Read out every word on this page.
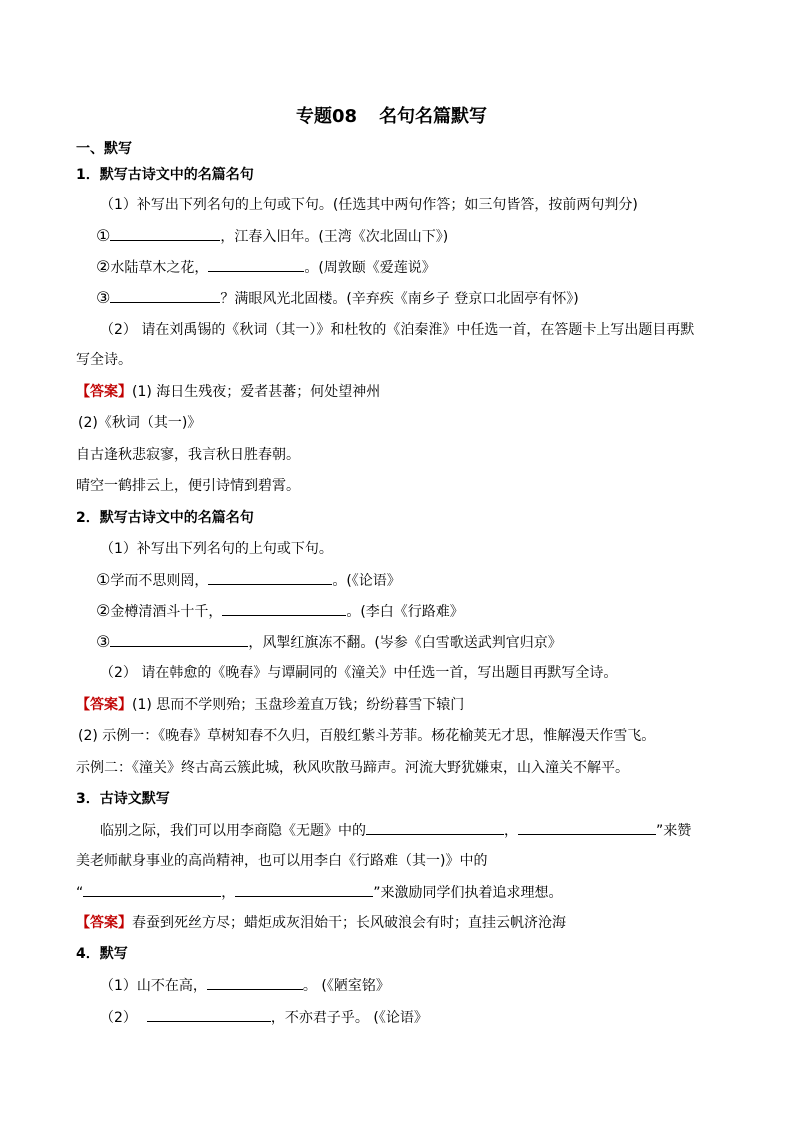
专题08 名句名篇默写
一、默写
1．默写古诗文中的名篇名句
（1）补写出下列名句的上句或下句。(任选其中两句作答；如三句皆答，按前两句判分)
①	，江春入旧年。(王湾《次北固山下》)
②水陆草木之花，	。(周敦颐《爱莲说》
③	？满眼风光北固楼。(辛弃疾《南乡子 登京口北固亭有怀》)
（2） 请在刘禹锡的《秋词（其一）》和杜牧的《泊秦淮》中任选一首，在答题卡上写出题目再默
写全诗。
【答案】(1) 海日生残夜；爱者甚蕃；何处望神州
(2)《秋词（其一)》
自古逢秋悲寂寥，我言秋日胜春朝。
晴空一鹤排云上，便引诗情到碧霄。
2．默写古诗文中的名篇名句
（1）补写出下列名句的上句或下句。
①学而不思则罔，	。(《论语》
②金樽清酒斗十千，	。(李白《行路难》
③	，风掣红旗冻不翻。(岑参《白雪歌送武判官归京》
（2） 请在韩愈的《晚春》与谭嗣同的《潼关》中任选一首，写出题目再默写全诗。
【答案】(1) 思而不学则殆；玉盘珍羞直万钱；纷纷暮雪下辕门
(2) 示例一：《晚春》草树知春不久归，百般红紫斗芳菲。杨花榆荚无才思，惟解漫天作雪飞。
示例二：《潼关》终古高云簇此城，秋风吹散马蹄声。河流大野犹嫌束，山入潼关不解平。
3．古诗文默写
临别之际，我们可以用李商隐《无题》中的	，	”来赞
美老师献身事业的高尚精神，也可以用李白《行路难（其一)》中的
“	，	”来激励同学们执着追求理想。
【答案】春蚕到死丝方尽；蜡炬成灰泪始干；长风破浪会有时；直挂云帆济沧海
4．默写
（1）山不在高，	。 (《陋室铭》
（2）	，不亦君子乎。 (《论语》
